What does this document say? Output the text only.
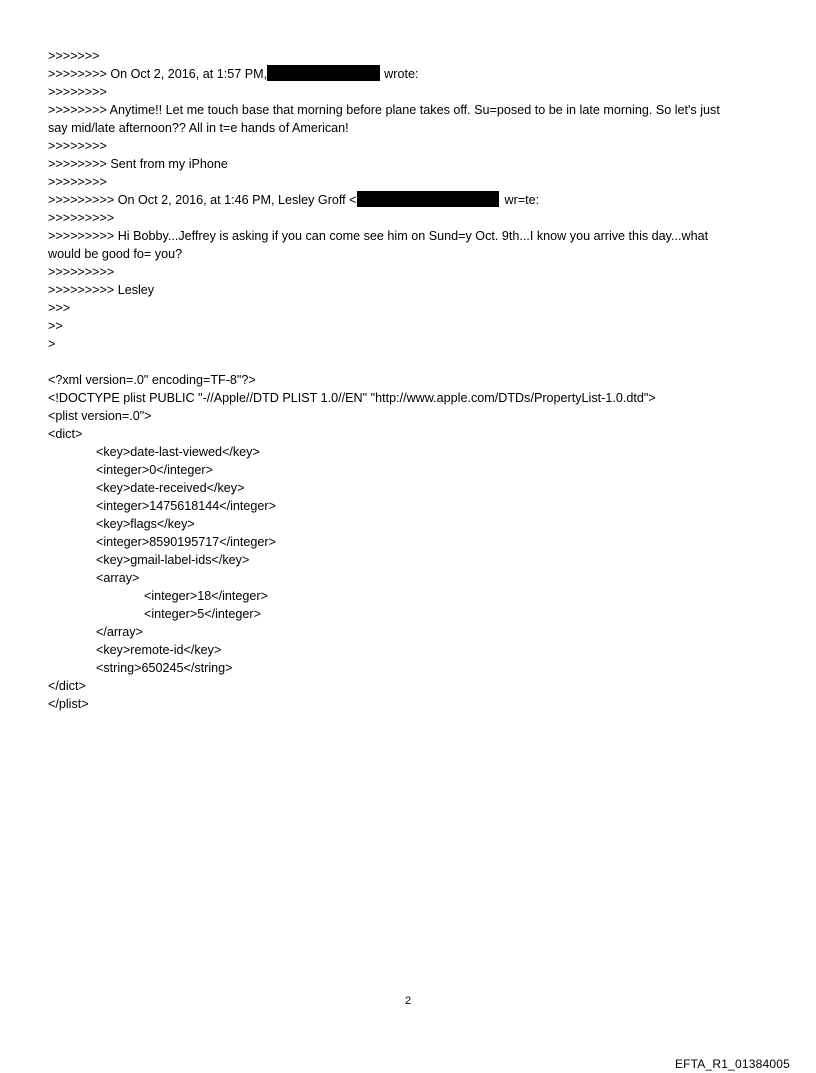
>>>>>>>
>>>>>>>> On Oct 2, 2016, at 1:57 PM,	wrote:
>>>>>>>>
>>>>>>>> Anytime!! Let me touch base that morning before plane takes off. Su=posed to be in late morning. So let's just
say mid/late afternoon?? All in t=e hands of American!
>>>>>>>>
>>>>>>>> Sent from my iPhone
>>>>>>>>
>>>>>>>>> On Oct 2, 2016, at 1:46 PM, Lesley Groff <	wr=te:
>>>>>>>>>
>>>>>>>>> Hi Bobby...Jeffrey is asking if you can come see him on Sund=y Oct. 9th...I know you arrive this day...what
would be good fo= you?
>>>>>>>>>
>>>>>>>>> Lesley
>>>
>>
>
<?xml version=.0" encoding=TF-8"?>
<!DOCTYPE plist PUBLIC "-//Apple//DTD PLIST 1.0//EN" "http://www.apple.com/DTDs/PropertyList-1.0.dtd">
<plist version=.0">
<dict>
<key>date-last-viewed</key>
<integer>0</integer>
<key>date-received</key>
<integer>1475618144</integer>
<key>flags</key>
<integer>8590195717</integer>
<key>gmail-label-ids</key>
<array>
<integer>18</integer>
<integer>5</integer>
</array>
<key>remote-id</key>
<string>650245</string>
</dict>
</plist>
2
EFTA_R1_01384005
